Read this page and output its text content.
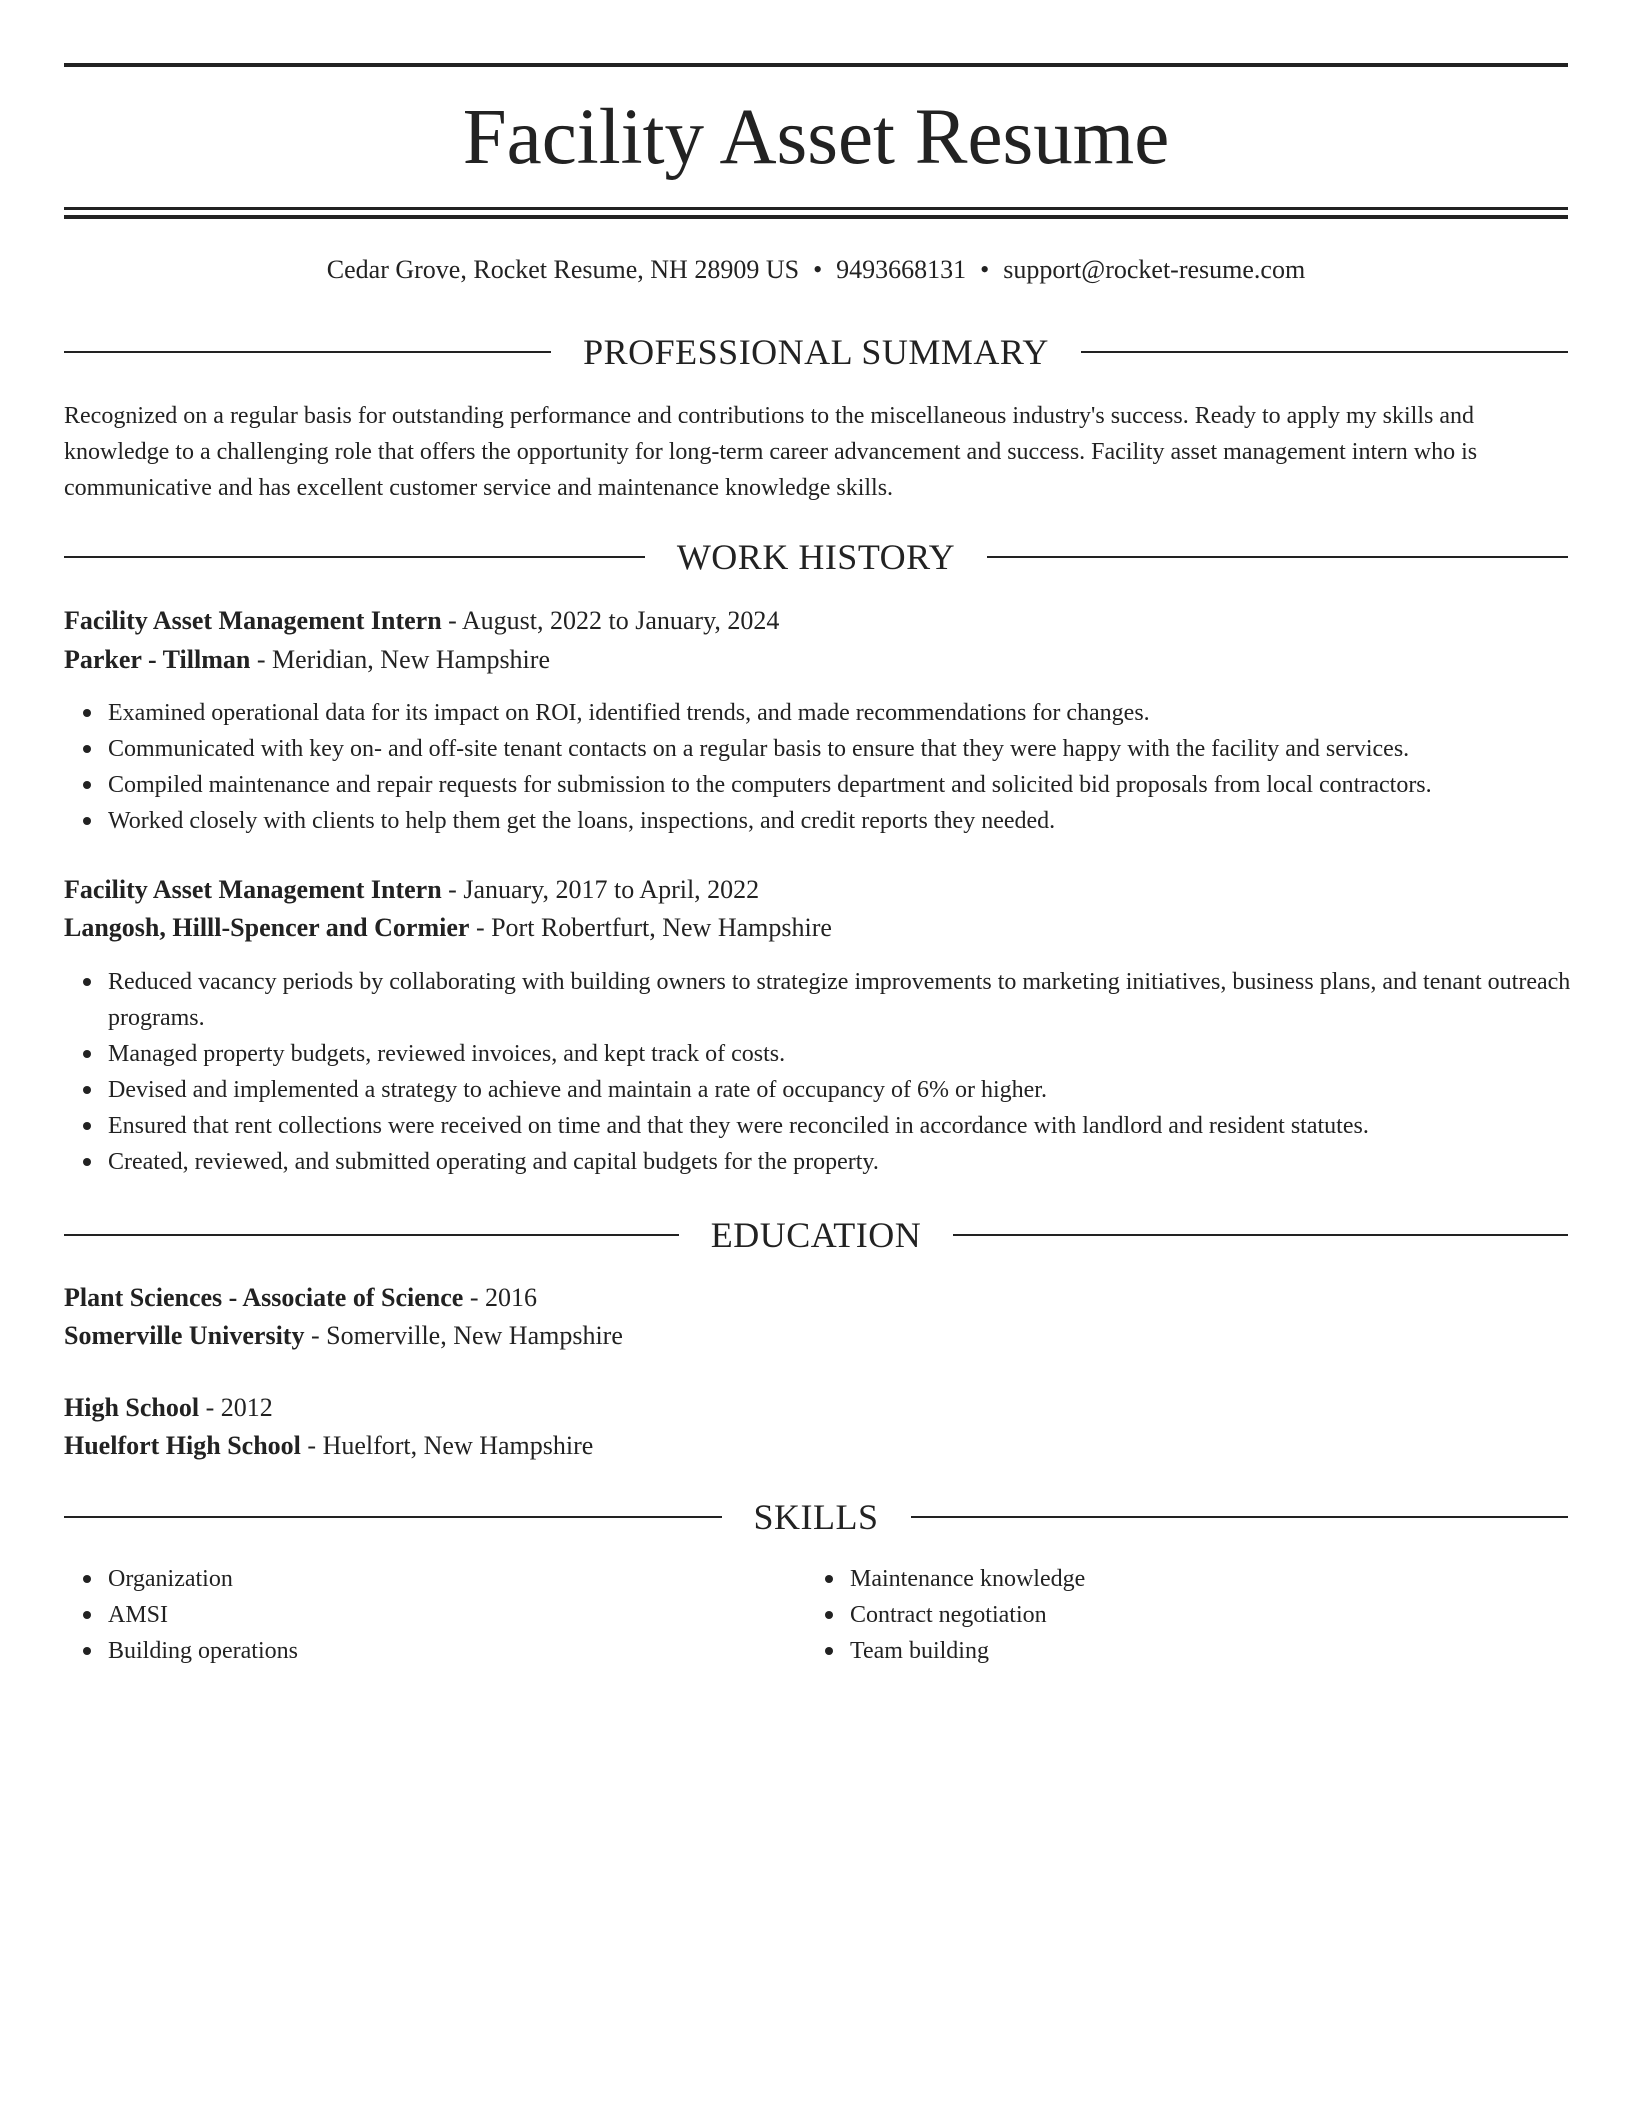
Facility Asset Resume
Cedar Grove, Rocket Resume, NH 28909 US • 9493668131 • support@rocket-resume.com
PROFESSIONAL SUMMARY
Recognized on a regular basis for outstanding performance and contributions to the miscellaneous industry's success. Ready to apply my skills and knowledge to a challenging role that offers the opportunity for long-term career advancement and success. Facility asset management intern who is communicative and has excellent customer service and maintenance knowledge skills.
WORK HISTORY
Facility Asset Management Intern - August, 2022 to January, 2024
Parker - Tillman - Meridian, New Hampshire
Examined operational data for its impact on ROI, identified trends, and made recommendations for changes.
Communicated with key on- and off-site tenant contacts on a regular basis to ensure that they were happy with the facility and services.
Compiled maintenance and repair requests for submission to the computers department and solicited bid proposals from local contractors.
Worked closely with clients to help them get the loans, inspections, and credit reports they needed.
Facility Asset Management Intern - January, 2017 to April, 2022
Langosh, Hilll-Spencer and Cormier - Port Robertfurt, New Hampshire
Reduced vacancy periods by collaborating with building owners to strategize improvements to marketing initiatives, business plans, and tenant outreach programs.
Managed property budgets, reviewed invoices, and kept track of costs.
Devised and implemented a strategy to achieve and maintain a rate of occupancy of 6% or higher.
Ensured that rent collections were received on time and that they were reconciled in accordance with landlord and resident statutes.
Created, reviewed, and submitted operating and capital budgets for the property.
EDUCATION
Plant Sciences - Associate of Science - 2016
Somerville University - Somerville, New Hampshire
High School - 2012
Huelfort High School - Huelfort, New Hampshire
SKILLS
Organization
AMSI
Building operations
Maintenance knowledge
Contract negotiation
Team building
